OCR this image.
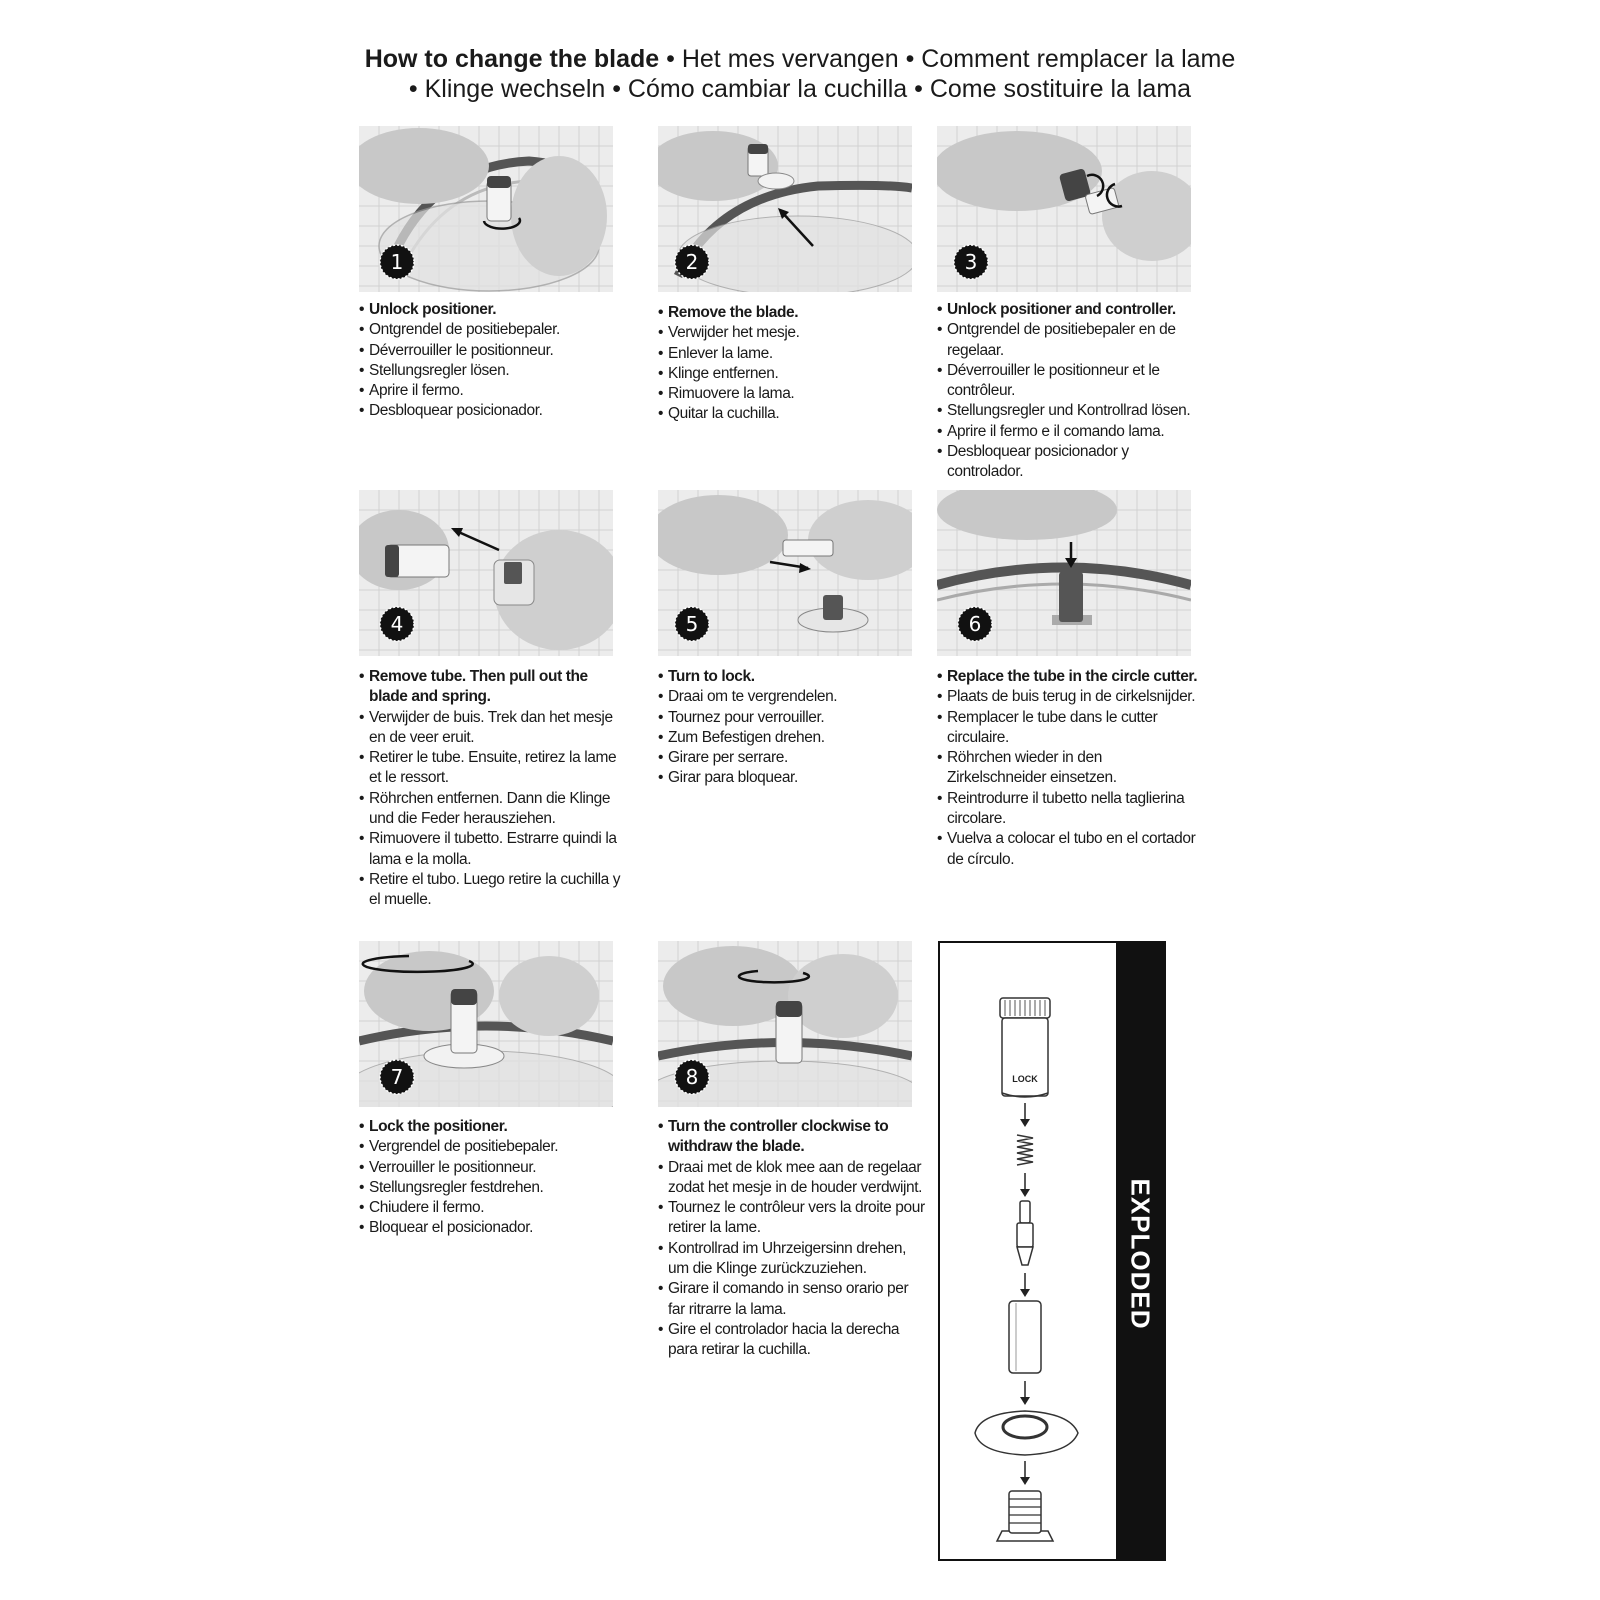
How to change the blade • Het mes vervangen • Comment remplacer la lame
• Klinge wechseln • Cómo cambiar la cuchilla • Come sostituire la lama
• Unlock positioner.
• Ontgrendel de positiebepaler.
• Déverrouiller le positionneur.
• Stellungsregler lösen.
• Aprire il fermo.
• Desbloquear posicionador.
• Remove the blade.
• Verwijder het mesje.
• Enlever la lame.
• Klinge entfernen.
• Rimuovere la lama.
• Quitar la cuchilla.
• Unlock positioner and controller.
• Ontgrendel de positiebepaler en de regelaar.
• Déverrouiller le positionneur et le contrôleur.
• Stellungsregler und Kontrollrad lösen.
• Aprire il fermo e il comando lama.
• Desbloquear posicionador y controlador.
• Remove tube. Then pull out the blade and spring.
• Verwijder de buis. Trek dan het mesje en de veer eruit.
• Retirer le tube. Ensuite, retirez la lame et le ressort.
• Röhrchen entfernen. Dann die Klinge und die Feder herausziehen.
• Rimuovere il tubetto. Estrarre quindi la lama e la molla.
• Retire el tubo. Luego retire la cuchilla y el muelle.
• Turn to lock.
• Draai om te vergrendelen.
• Tournez pour verrouiller.
• Zum Befestigen drehen.
• Girare per serrare.
• Girar para bloquear.
• Replace the tube in the circle cutter.
• Plaats de buis terug in de cirkelsnijder.
• Remplacer le tube dans le cutter circulaire.
• Röhrchen wieder in den Zirkelschneider einsetzen.
• Reintrodurre il tubetto nella taglierina circolare.
• Vuelva a colocar el tubo en el cortador de círculo.
• Lock the positioner.
• Vergrendel de positiebepaler.
• Verrouiller le positionneur.
• Stellungsregler festdrehen.
• Chiudere il fermo.
• Bloquear el posicionador.
• Turn the controller clockwise to withdraw the blade.
• Draai met de klok mee aan de regelaar zodat het mesje in de houder verdwijnt.
• Tournez le contrôleur vers la droite pour retirer la lame.
• Kontrollrad im Uhrzeigersinn drehen, um die Klinge zurückzuziehen.
• Girare il comando in senso orario per far ritrarre la lama.
• Gire el controlador hacia la derecha para retirar la cuchilla.
1	2	3
4	5	6
7	8	LOCK
EXPLODED
